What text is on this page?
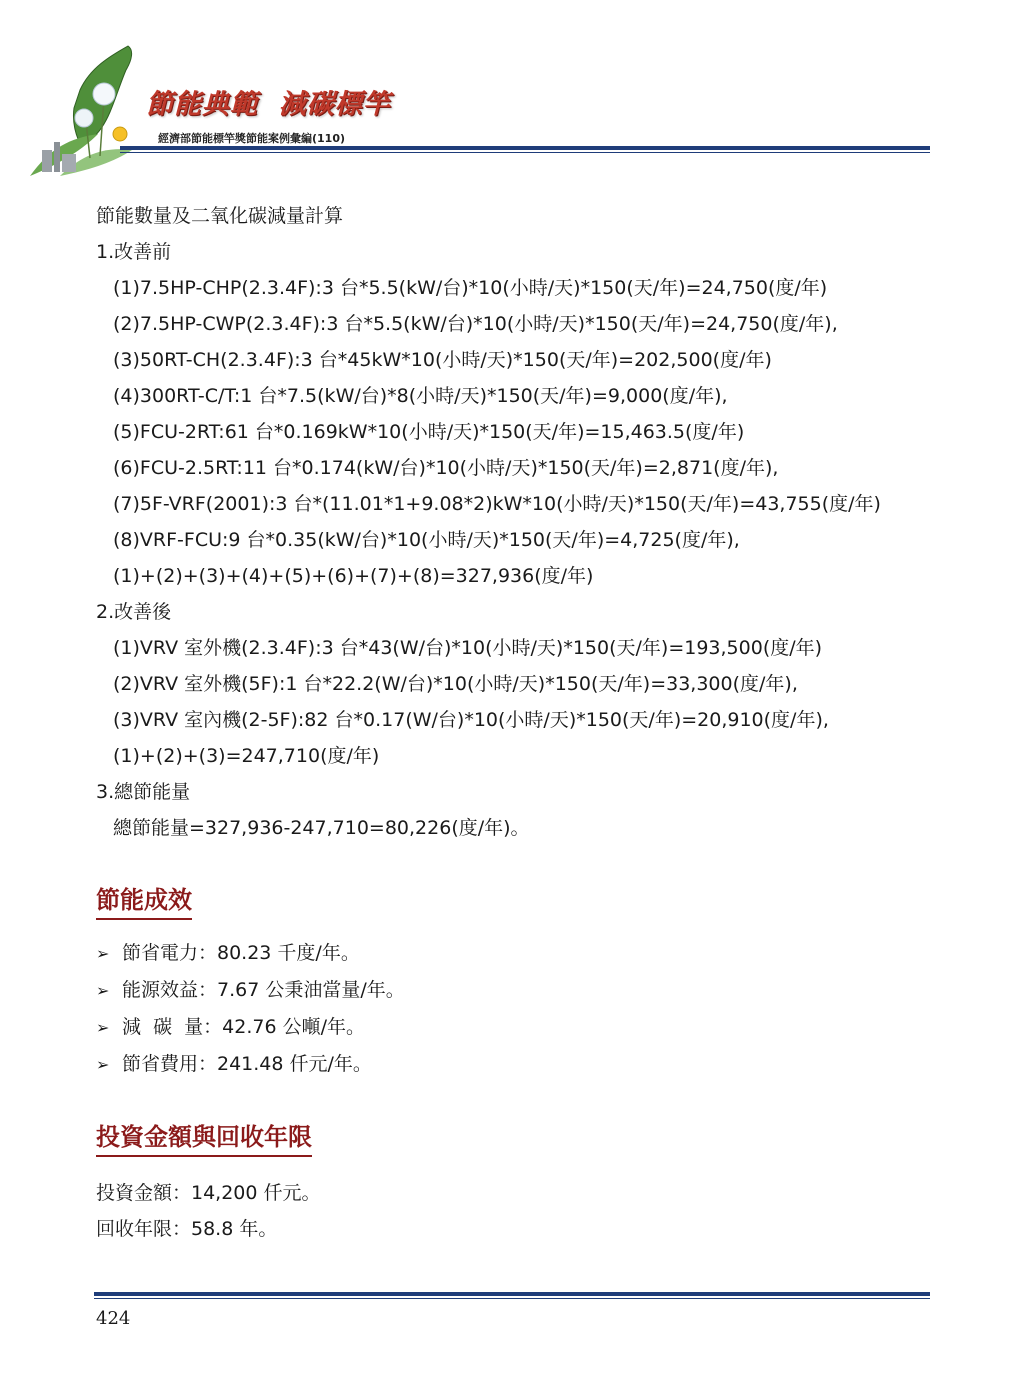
節能典範  減碳標竿
經濟部節能標竿獎節能案例彙編(110)
節能數量及二氧化碳減量計算
1.改善前
(1)7.5HP-CHP(2.3.4F):3 台*5.5(kW/台)*10(小時/天)*150(天/年)=24,750(度/年)
(2)7.5HP-CWP(2.3.4F):3 台*5.5(kW/台)*10(小時/天)*150(天/年)=24,750(度/年),
(3)50RT-CH(2.3.4F):3 台*45kW*10(小時/天)*150(天/年)=202,500(度/年)
(4)300RT-C/T:1 台*7.5(kW/台)*8(小時/天)*150(天/年)=9,000(度/年),
(5)FCU-2RT:61 台*0.169kW*10(小時/天)*150(天/年)=15,463.5(度/年)
(6)FCU-2.5RT:11 台*0.174(kW/台)*10(小時/天)*150(天/年)=2,871(度/年),
(7)5F-VRF(2001):3 台*(11.01*1+9.08*2)kW*10(小時/天)*150(天/年)=43,755(度/年)
(8)VRF-FCU:9 台*0.35(kW/台)*10(小時/天)*150(天/年)=4,725(度/年),
(1)+(2)+(3)+(4)+(5)+(6)+(7)+(8)=327,936(度/年)
2.改善後
(1)VRV 室外機(2.3.4F):3 台*43(W/台)*10(小時/天)*150(天/年)=193,500(度/年)
(2)VRV 室外機(5F):1 台*22.2(W/台)*10(小時/天)*150(天/年)=33,300(度/年),
(3)VRV 室內機(2-5F):82 台*0.17(W/台)*10(小時/天)*150(天/年)=20,910(度/年),
(1)+(2)+(3)=247,710(度/年)
3.總節能量
總節能量=327,936-247,710=80,226(度/年)。
節能成效
➢ 節省電力：80.23 千度/年。
➢ 能源效益：7.67 公秉油當量/年。
➢ 減  碳  量：42.76 公噸/年。
➢ 節省費用：241.48 仟元/年。
投資金額與回收年限
投資金額：14,200 仟元。
回收年限：58.8 年。
424
